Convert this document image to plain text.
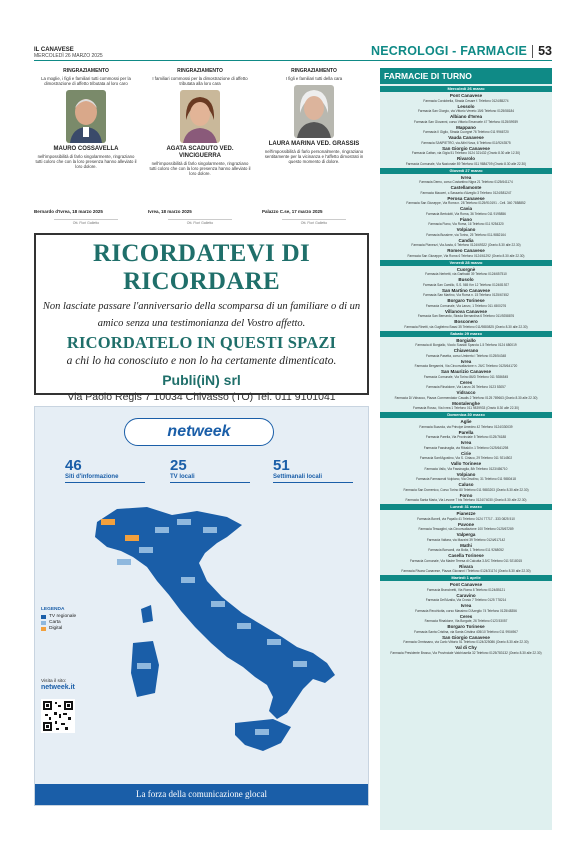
IL CANAVESE
MERCOLEDÌ 26 MARZO 2025	NECROLOGI - FARMACIE 53
RINGRAZIAMENTO
La moglie, i figli e familiari tutti commossi per la dimostrazione di affetto tributata al loro caro
MAURO COSSAVELLA
nell'impossibilità di farlo singolarmente, ringraziano tutti coloro che con la loro presenza hanno alleviato il loro dolore.
Bernardo d'Ivrea, 18 marzo 2025
Ott. Fiori Galletto
RINGRAZIAMENTO
I familiari commossi per la dimostrazione di affetto tributata alla loro cara
AGATA SCADUTO VED. VINCIGUERRA
nell'impossibilità di farlo singolarmente, ringraziano tutti coloro che con la loro presenza hanno alleviato il loro dolore.
Ivrea, 18 marzo 2025
Ott. Fiori Galletto
RINGRAZIAMENTO
I figli e familiari tutti della cara
LAURA MARINA VED. GRASSIS
nell'impossibilità di farlo personalmente, ringraziano sentitamente per la vicinanza e l'affetto dimostrati in questo momento di dolore.
Palazzo C.se, 17 marzo 2025
Ott. Fiori Galletto
RICORDATEVI DI RICORDARE
Non lasciate passare l'anniversario della scomparsa di un familiare o di un amico senza una testimonianza del Vostro affetto.
RICORDATELO IN QUESTI SPAZI
a chi lo ha conosciuto e non lo ha certamente dimenticato.
Publi(iN) srl
Via Paolo Regis 7 10034 Chivasso (TO) Tel. 011 9101041
netweek
46
Siti d'informazione
25
TV locali
51
Settimanali locali
LEGENDA
TV regionale
Carta
Digital
Visita il sito:
netweek.it
La forza della comunicazione glocal
FARMACIE DI TURNO
Mercoledì 26 marzo
Pont Canavese
Farmacia Cordobella, Strada Cesare f. Telefono 0124/85274
Lessolo
Farmacia San Giorgio, via Vittorio Veneto 15/6 Telefono 0125/58184
Albiano d'Ivrea
Farmacia San Giovanni, corso Vittorio Emanuele 47 Telefono 0125/59939
Mappano
Farmacia Il Giglio, Strada Cuorgnè 76 Telefono 011 9966720
Vauda Canavese
Farmacia SANPIETRO, via Altiri Nova, 6 Telefono 011/9243575
San Giorgio Canavese
Farmacia Cattan, via Gigia 51 Telefono 0124 321432 (Orario 8.30 alle 12.30)
Rivarolo
Farmacia Comunale, Via Nazionale 89 Telefono 011 9884709 (Orario 8.30 alle 22.30)
Giovedì 27 marzo
Ivrea
Farmacia Demo, corso Costantino Nigra 21 Telefono 0125/641174
Castellamonte
Farmacia Mauceri, c.Sassaria d'Azeglio 3 Telefono 0124/581247
Perosa Canavese
Farmacia San Giuseppe, Via Roma n. 28 Telefono 0125/910191 - Cell. 340 7858852
Cavia
Farmacia Bertolotti, Via Roma, 36 Telefono 011 9195856
Fiano
Farmacia Fiano, Via Roma, 16 Telefono 011 9254320
Volpiano
Farmacia Bussiere, via Torino, 25 Telefono 011-9882164
Candia
Farmacia Pianezzi, Via Aosta, 6 Telefono 0124/69322 (Orario 8.30 alle 22.30)
Romeo Canavese
Farmacia San Giuseppe, Via Roma 6 Telefono 0124/61292 (Orario 8.30 alle 22.30)
Venerdì 28 marzo
Cuorgnè
Farmacia Nerbetti, via Garibaldi 39 Telefono 0124/657510
Busolo
Farmacia San Camillo, S.S. 565 Km 12 Telefono 0124/81927
San Martino Canavese
Farmacia San Martino, Via Roma n. 15 Telefono 0125/67452
Borgaro Torinese
Farmacia Comunale, Via Lanzo, 1 Telefono 011 4500276
Villanova Canavese
Farmacia San Bernardo, Strada Bernardina 6 Telefono 011/9258876
Bosconero
Farmacia Rinetti, via Guglielmo Bassi 35 Telefono 011/9880825 (Orario 8.30 alle 22.30)
Sabato 29 marzo
Borgiallo
Farmacia di Borgiallo, Vicolo Sussidi Sparola 1-5 Telefono 0124 680019
Chiaverano
Farmacia Pasetta, corso Umberto I Telefono 0125/54348
Ivrea
Farmacia Bergamini, Via Circonvallazione n. 26/C Telefono 0125/641720
San Maurizio Canavese
Farmacia Comunale, Via Torino 86/D Telefono 011 9286545
Ceres
Farmacia Rinaldone, Via Lanzo 26 Telefono 0123 53057
Vidracco
Farmacia Di Vidracco, Piazza Commendator Casalis 2 Telefono 0125 789663 (Orario 8.30 alle 22.30)
Montalenghe
Farmacia Rosso, Via Ivrea 1 Telefono 011 9839933 (Orario 8.30 alle 22.30)
Domenica 30 marzo
Aglie
Farmacia Buzzola, via Principe Amedeo 42 Telefono 0124/330039
Parella
Farmacia Parella, Via Provinciale 5 Telefono 0125/76188
Ivrea
Farmacia Fassinaglia, via Ribaldi n.1 Telefono 0125/641298
Cirie
Farmacia Sant'Agostino, Via S. Ciriaco, 29 Telefono 011 9214502
Vallo Torinese
Farmacia Vallo, Via Fassinaglia, 8/b Telefono 0123/456710
Volpiano
Farmacia Farmaceuti Volpiano, Via Orsolino, 31 Telefono 011 9880418
Caluso
Farmacia San Domenico, Corso Torino 80 Telefono 011 9883203 (Orario 8.30 alle 22.30)
Forno
Farmacia Santa Maria, Via Levone 7 bis Telefono 0124/74030 (Orario 8.30 alle 22.30)
Lunedì 31 marzo
Pianezze
Farmacia Bonell, via Papallo 41 Telefono 0124 77717 - 333 0825 510
Pavone
Farmacia Tessaglini, via Circonvallazione 100 Telefono 0125/67289
Valperga
Farmacia Valtara, via Mazzini 39 Telefono 0124/617142
Mathi
Farmacia Borsardi, via Bolla, 1 Telefono 011 9268052
Casella Torinese
Farmacia Comunale, Via Madre Teresa di Calcutta 3-5/C Telefono 011 9218015
Rivara
Farmacia Rivara Canavese, Piazza Giovanni I Telefono 0124/31174 (Orario 8.30 alle 22.30)
Martedì 1 aprile
Pont Canavese
Farmacia Brancinetti, Via Roma 8 Telefono 0124/85121
Caravino
Farmacia Dell'Azalia, Via Crosio 7 Telefono 0125 778214
Ivrea
Farmacia Recchiotta, corso Massimo D'Azeglio 74 Telefono 0125/48356
Ceres
Farmacia Rinaldone, Via Borgate, 26 Telefono 0123 53057
Borgaro Torinese
Farmacia Santa Cristina, via Santa Cristina 405/10 Telefono 011 9904967
San Giorgio Canavese
Farmacia Ormissano, via Carlo Vittorio 51 Telefono 0124/325086 (Orario 8.30 alle 22.30)
Val di Chy
Farmacia Presidente Brosso, Via Provinciale Valchiusella 32 Telefono 0125/783132 (Orario 8.30 alle 22.30)
